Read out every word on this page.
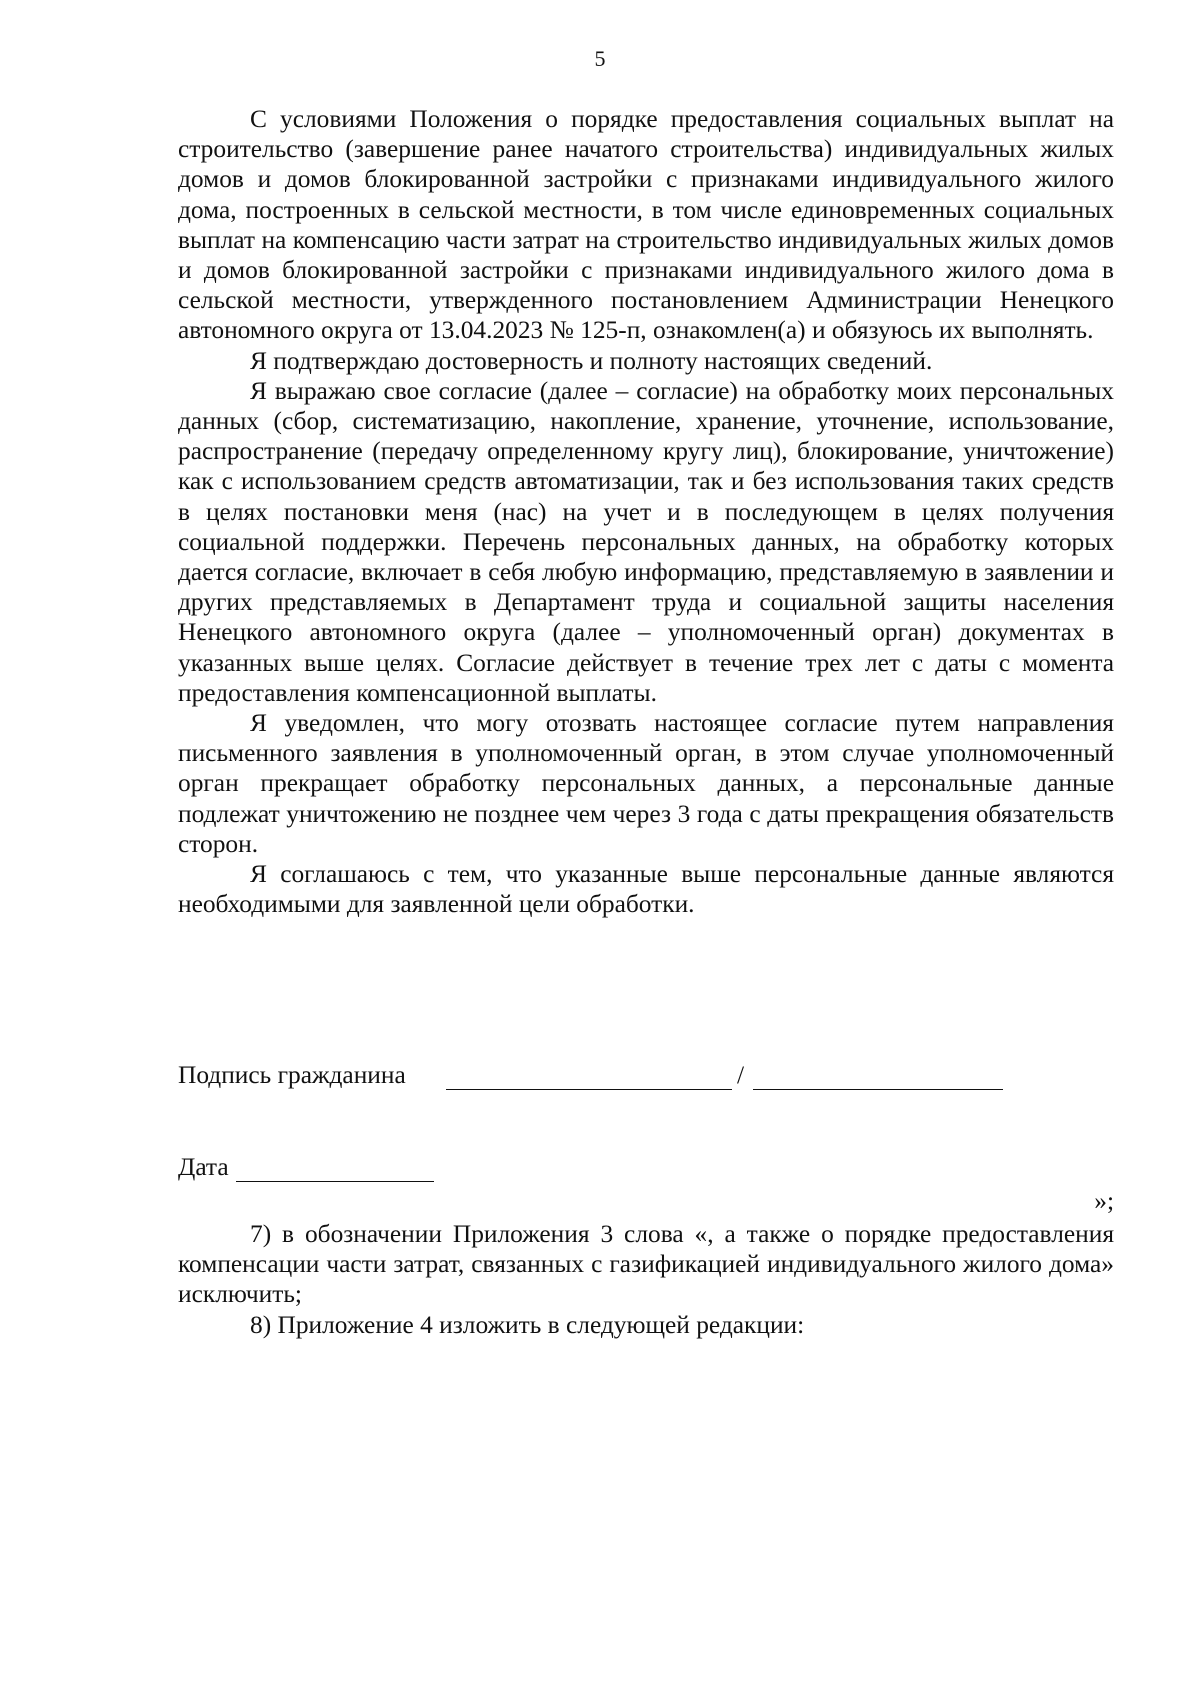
5

С условиями Положения о порядке предоставления социальных выплат на строительство (завершение ранее начатого строительства) индивидуальных жилых домов и домов блокированной застройки с признаками индивидуального жилого дома, построенных в сельской местности, в том числе единовременных социальных выплат на компенсацию части затрат на строительство индивидуальных жилых домов и домов блокированной застройки с признаками индивидуального жилого дома в сельской местности, утвержденного постановлением Администрации Ненецкого автономного округа от 13.04.2023 № 125-п, ознакомлен(а) и обязуюсь их выполнять.

Я подтверждаю достоверность и полноту настоящих сведений.

Я выражаю свое согласие (далее – согласие) на обработку моих персональных данных (сбор, систематизацию, накопление, хранение, уточнение, использование, распространение (передачу определенному кругу лиц), блокирование, уничтожение) как с использованием средств автоматизации, так и без использования таких средств в целях постановки меня (нас) на учет и в последующем в целях получения социальной поддержки. Перечень персональных данных, на обработку которых дается согласие, включает в себя любую информацию, представляемую в заявлении и других представляемых в Департамент труда и социальной защиты населения Ненецкого автономного округа (далее – уполномоченный орган) документах в указанных выше целях. Согласие действует в течение трех лет с даты с момента предоставления компенсационной выплаты.

Я уведомлен, что могу отозвать настоящее согласие путем направления письменного заявления в уполномоченный орган, в этом случае уполномоченный орган прекращает обработку персональных данных, а персональные данные подлежат уничтожению не позднее чем через 3 года с даты прекращения обязательств сторон.

Я соглашаюсь с тем, что указанные выше персональные данные являются необходимыми для заявленной цели обработки.

Подпись гражданина	/
Дата
»;

7) в обозначении Приложения 3 слова «, а также о порядке предоставления компенсации части затрат, связанных с газификацией индивидуального жилого дома» исключить;

8) Приложение 4 изложить в следующей редакции:
